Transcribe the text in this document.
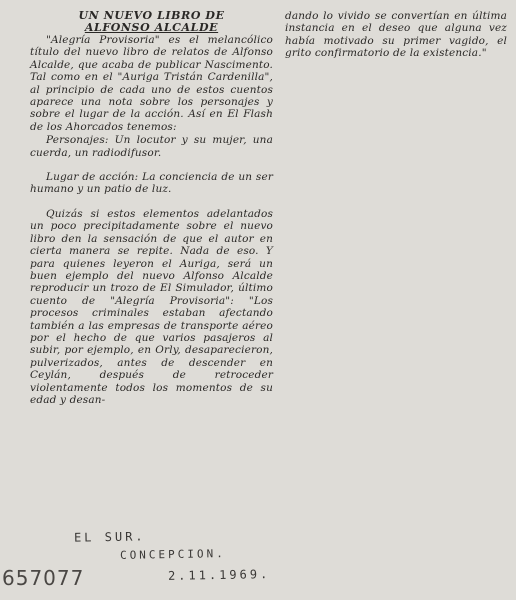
UN NUEVO LIBRO DE
ALFONSO ALCALDE

"Alegría Provisoria" es el melancólico título del nuevo libro de relatos de Alfonso Alcalde, que acaba de publicar Nascimento. Tal como en el "Auriga Tristán Cardenilla", al principio de cada uno de estos cuentos aparece una nota sobre los personajes y sobre el lugar de la acción. Así en El Flash de los Ahorcados tenemos:

Personajes: Un locutor y su mujer, una cuerda, un radiodifusor.

Lugar de acción: La conciencia de un ser humano y un patio de luz.

Quizás si estos elementos adelantados un poco precipitadamente sobre el nuevo libro den la sensación de que el autor en cierta manera se repite. Nada de eso. Y para quienes leyeron el Auriga, será un buen ejemplo del nuevo Alfonso Alcalde reproducir un trozo de El Simulador, último cuento de "Alegría Provisoria": "Los procesos criminales estaban afectando también a las empresas de transporte aéreo por el hecho de que varios pasajeros al subir, por ejemplo, en Orly, desaparecieron, pulverizados, antes de descender en Ceylán, después de retroceder violentamente todos los momentos de su edad y desan-

dando lo vivido se convertían en última instancia en el deseo que alguna vez había motivado su primer vagido, el grito confirmatorio de la existencia."

EL SUR.
CONCEPCION.
2.11.1969.
657077
